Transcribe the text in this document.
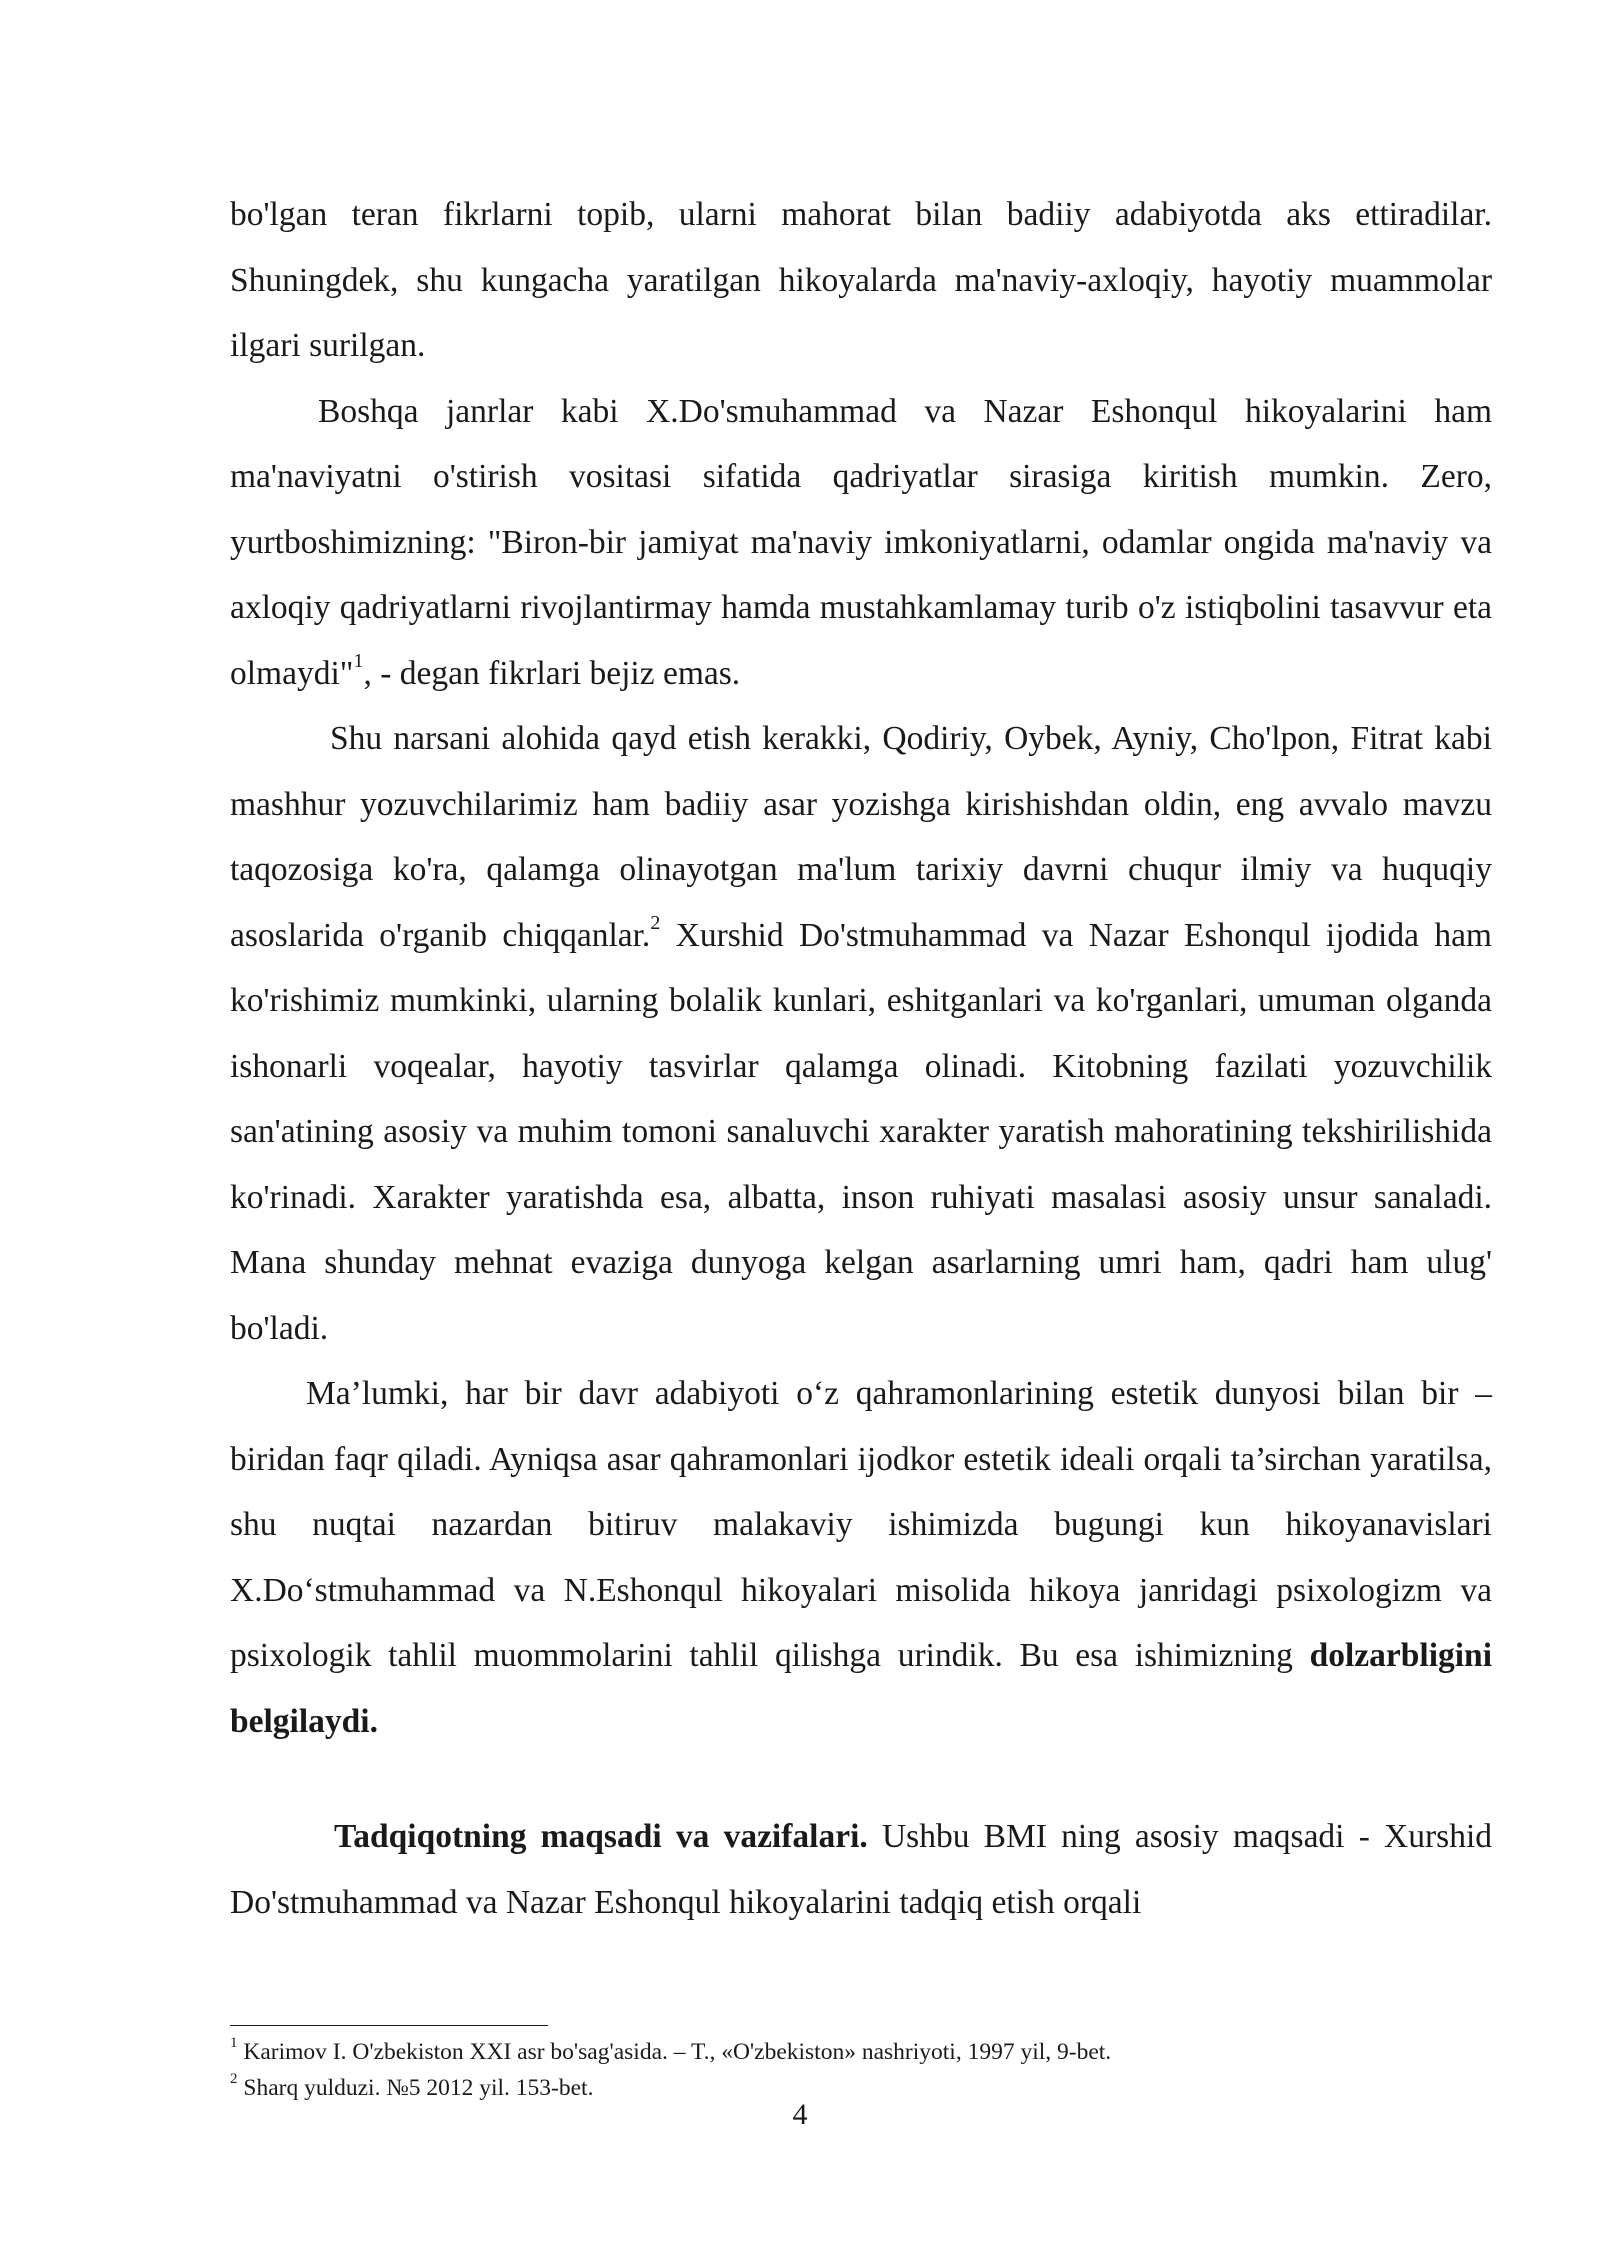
bo'lgan teran fikrlarni topib, ularni mahorat bilan badiiy adabiyotda aks ettiradilar. Shuningdek, shu kungacha yaratilgan hikoyalarda ma'naviy-axloqiy, hayotiy muammolar ilgari surilgan.

Boshqa janrlar kabi X.Do'smuhammad va Nazar Eshonqul hikoyalarini ham ma'naviyatni o'stirish vositasi sifatida qadriyatlar sirasiga kiritish mumkin. Zero, yurtboshimizning: "Biron-bir jamiyat ma'naviy imkoniyatlarni, odamlar ongida ma'naviy va axloqiy qadriyatlarni rivojlantirmay hamda mustahkamlamay turib o'z istiqbolini tasavvur eta olmaydi"$^1$, - degan fikrlari bejiz emas.

Shu narsani alohida qayd etish kerakki, Qodiriy, Oybek, Ayniy, Cho'lpon, Fitrat kabi mashhur yozuvchilarimiz ham badiiy asar yozishga kirishishdan oldin, eng avvalo mavzu taqozosiga ko'ra, qalamga olinayotgan ma'lum tarixiy davrni chuqur ilmiy va huquqiy asoslarida o'rganib chiqqanlar.$^2$ Xurshid Do'stmuhammad va Nazar Eshonqul ijodida ham ko'rishimiz mumkinki, ularning bolalik kunlari, eshitganlari va ko'rganlari, umuman olganda ishonarli voqealar, hayotiy tasvirlar qalamga olinadi. Kitobning fazilati yozuvchilik san'atining asosiy va muhim tomoni sanaluvchi xarakter yaratish mahoratining tekshirilishida ko'rinadi. Xarakter yaratishda esa, albatta, inson ruhiyati masalasi asosiy unsur sanaladi. Mana shunday mehnat evaziga dunyoga kelgan asarlarning umri ham, qadri ham ulug' bo'ladi.

Ma’lumki, har bir davr adabiyoti o‘z qahramonlarining estetik dunyosi bilan bir – biridan faqr qiladi. Ayniqsa asar qahramonlari ijodkor estetik ideali orqali ta’sirchan yaratilsa, shu nuqtai nazardan bitiruv malakaviy ishimizda bugungi kun hikoyanavislari X.Do‘stmuhammad va N.Eshonqul hikoyalari misolida hikoya janridagi psixologizm va psixologik tahlil muommolarini tahlil qilishga urindik. Bu esa ishimizning dolzarbligini belgilaydi.

Tadqiqotning maqsadi va vazifalari. Ushbu BMI ning asosiy maqsadi - Xurshid Do'stmuhammad va Nazar Eshonqul hikoyalarini tadqiq etish orqali

$^1$ Karimov I. O'zbekiston XXI asr bo'sag'asida. – T., «O'zbekiston» nashriyoti, 1997 yil, 9-bet.
$^2$ Sharq yulduzi. №5 2012 yil. 153-bet.
4
